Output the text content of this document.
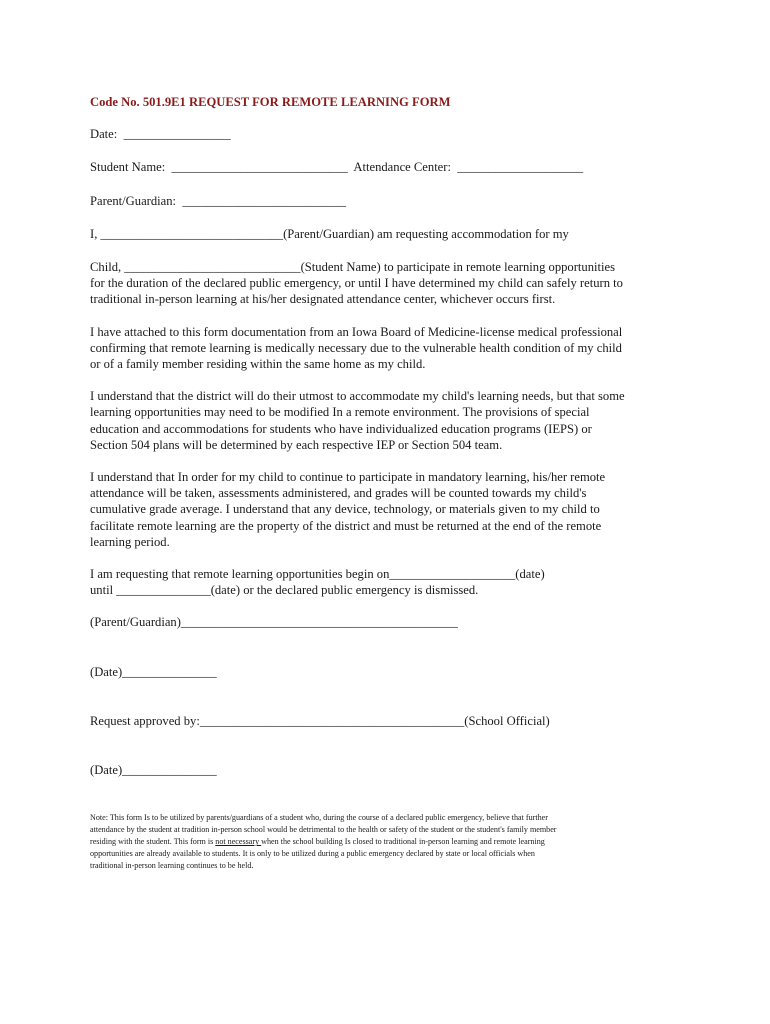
Code No. 501.9E1 REQUEST FOR REMOTE LEARNING FORM

Date:  _________________

Student Name:  ____________________________  Attendance Center:  ____________________

Parent/Guardian:  __________________________

I, _____________________________(Parent/Guardian) am requesting accommodation for my

Child, ____________________________(Student Name) to participate in remote learning opportunities
for the duration of the declared public emergency, or until I have determined my child can safely return to
traditional in-person learning at his/her designated attendance center, whichever occurs first.

I have attached to this form documentation from an Iowa Board of Medicine-license medical professional
confirming that remote learning is medically necessary due to the vulnerable health condition of my child
or of a family member residing within the same home as my child.

I understand that the district will do their utmost to accommodate my child's learning needs, but that some
learning opportunities may need to be modified In a remote environment. The provisions of special
education and accommodations for students who have individualized education programs (IEPS) or
Section 504 plans will be determined by each respective IEP or Section 504 team.

I understand that In order for my child to continue to participate in mandatory learning, his/her remote
attendance will be taken, assessments administered, and grades will be counted towards my child's
cumulative grade average. I understand that any device, technology, or materials given to my child to
facilitate remote learning are the property of the district and must be returned at the end of the remote
learning period.

I am requesting that remote learning opportunities begin on____________________(date)
until _______________(date) or the declared public emergency is dismissed.

(Parent/Guardian)____________________________________________

(Date)_______________

Request approved by:__________________________________________(School Official)

(Date)_______________

Note: This form Is to be utilized by parents/guardians of a student who, during the course of a declared public emergency, believe that further
attendance by the student at tradition in-person school would be detrimental to the health or safety of the student or the student's family member
residing with the student. This form is not necessary when the school building Is closed to traditional in-person learning and remote learning
opportunities are already available to students. It is only to be utilized during a public emergency declared by state or local officials when
traditional in-person learning continues to be held.
